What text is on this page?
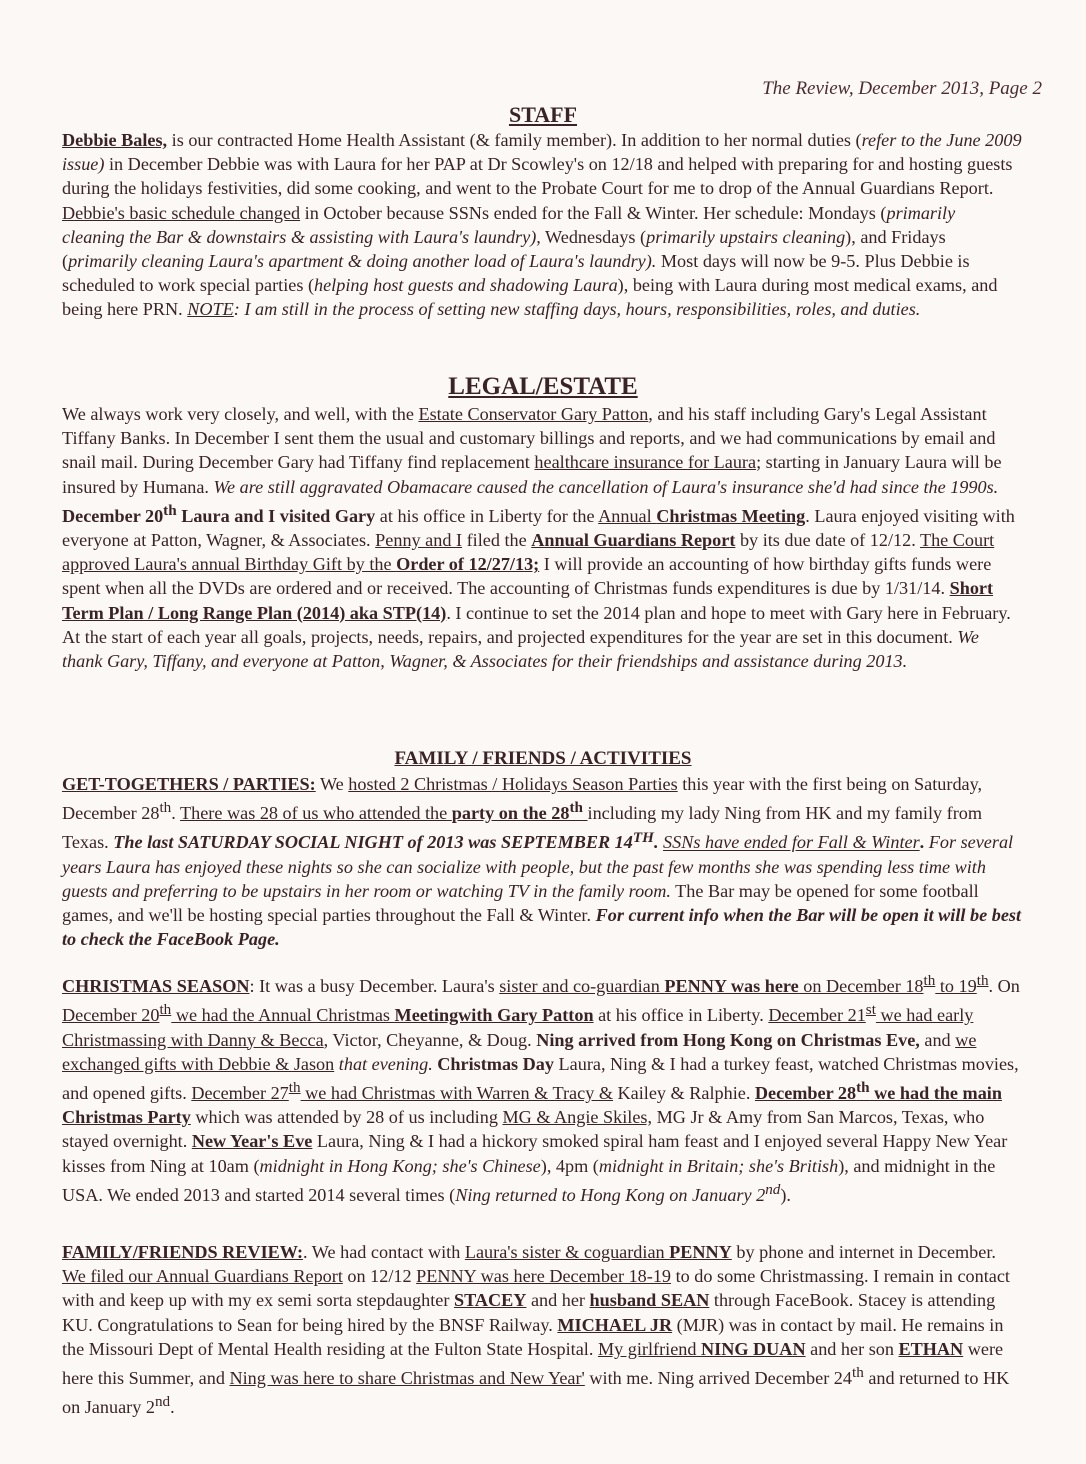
The Review, December 2013, Page 2
STAFF

Debbie Bales, is our contracted Home Health Assistant (& family member). In addition to her normal duties (refer to the June 2009 issue) in December Debbie was with Laura for her PAP at Dr Scowley's on 12/18 and helped with preparing for and hosting guests during the holidays festivities, did some cooking, and went to the Probate Court for me to drop of the Annual Guardians Report. Debbie's basic schedule changed in October because SSNs ended for the Fall & Winter. Her schedule: Mondays (primarily cleaning the Bar & downstairs & assisting with Laura's laundry), Wednesdays (primarily upstairs cleaning), and Fridays (primarily cleaning Laura's apartment & doing another load of Laura's laundry). Most days will now be 9-5. Plus Debbie is scheduled to work special parties (helping host guests and shadowing Laura), being with Laura during most medical exams, and being here PRN. NOTE: I am still in the process of setting new staffing days, hours, responsibilities, roles, and duties.

LEGAL/ESTATE

We always work very closely, and well, with the Estate Conservator Gary Patton, and his staff including Gary's Legal Assistant Tiffany Banks. In December I sent them the usual and customary billings and reports, and we had communications by email and snail mail. During December Gary had Tiffany find replacement healthcare insurance for Laura; starting in January Laura will be insured by Humana. We are still aggravated Obamacare caused the cancellation of Laura's insurance she'd had since the 1990s. December 20th Laura and I visited Gary at his office in Liberty for the Annual Christmas Meeting. Laura enjoyed visiting with everyone at Patton, Wagner, & Associates. Penny and I filed the Annual Guardians Report by its due date of 12/12. The Court approved Laura's annual Birthday Gift by the Order of 12/27/13; I will provide an accounting of how birthday gifts funds were spent when all the DVDs are ordered and or received. The accounting of Christmas funds expenditures is due by 1/31/14. Short Term Plan / Long Range Plan (2014) aka STP(14). I continue to set the 2014 plan and hope to meet with Gary here in February. At the start of each year all goals, projects, needs, repairs, and projected expenditures for the year are set in this document. We thank Gary, Tiffany, and everyone at Patton, Wagner, & Associates for their friendships and assistance during 2013.

FAMILY / FRIENDS / ACTIVITIES

GET-TOGETHERS / PARTIES: We hosted 2 Christmas / Holidays Season Parties this year with the first being on Saturday, December 28th. There was 28 of us who attended the party on the 28th including my lady Ning from HK and my family from Texas. The last SATURDAY SOCIAL NIGHT of 2013 was SEPTEMBER 14TH. SSNs have ended for Fall & Winter. For several years Laura has enjoyed these nights so she can socialize with people, but the past few months she was spending less time with guests and preferring to be upstairs in her room or watching TV in the family room. The Bar may be opened for some football games, and we'll be hosting special parties throughout the Fall & Winter. For current info when the Bar will be open it will be best to check the FaceBook Page.

CHRISTMAS SEASON: It was a busy December. Laura's sister and co-guardian PENNY was here on December 18th to 19th. On December 20th we had the Annual Christmas Meetingwith Gary Patton at his office in Liberty. December 21st we had early Christmassing with Danny & Becca, Victor, Cheyanne, & Doug. Ning arrived from Hong Kong on Christmas Eve, and we exchanged gifts with Debbie & Jason that evening. Christmas Day Laura, Ning & I had a turkey feast, watched Christmas movies, and opened gifts. December 27th we had Christmas with Warren & Tracy & Kailey & Ralphie. December 28th we had the main Christmas Party which was attended by 28 of us including MG & Angie Skiles, MG Jr & Amy from San Marcos, Texas, who stayed overnight. New Year's Eve Laura, Ning & I had a hickory smoked spiral ham feast and I enjoyed several Happy New Year kisses from Ning at 10am (midnight in Hong Kong; she's Chinese), 4pm (midnight in Britain; she's British), and midnight in the USA. We ended 2013 and started 2014 several times (Ning returned to Hong Kong on January 2nd).

FAMILY/FRIENDS REVIEW:. We had contact with Laura's sister & coguardian PENNY by phone and internet in December. We filed our Annual Guardians Report on 12/12 PENNY was here December 18-19 to do some Christmassing. I remain in contact with and keep up with my ex semi sorta stepdaughter STACEY and her husband SEAN through FaceBook. Stacey is attending KU. Congratulations to Sean for being hired by the BNSF Railway. MICHAEL JR (MJR) was in contact by mail. He remains in the Missouri Dept of Mental Health residing at the Fulton State Hospital. My girlfriend NING DUAN and her son ETHAN were here this Summer, and Ning was here to share Christmas and New Year' with me. Ning arrived December 24th and returned to HK on January 2nd.
